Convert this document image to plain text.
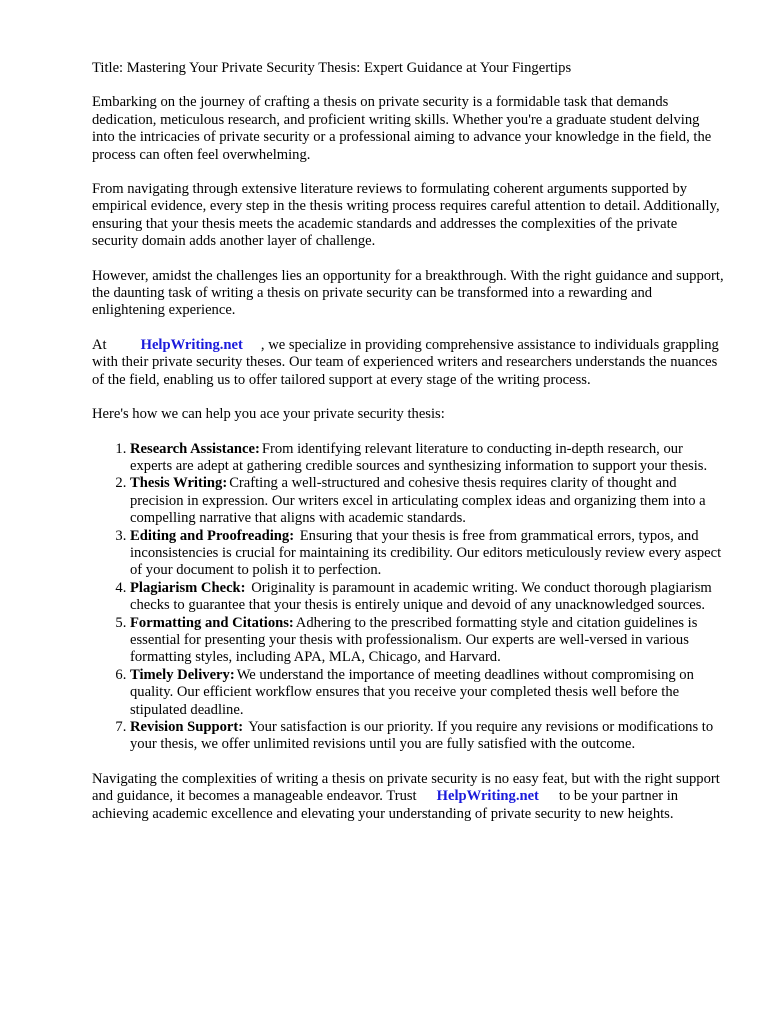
Title: Mastering Your Private Security Thesis: Expert Guidance at Your Fingertips

Embarking on the journey of crafting a thesis on private security is a formidable task that demands dedication, meticulous research, and proficient writing skills. Whether you're a graduate student delving into the intricacies of private security or a professional aiming to advance your knowledge in the field, the process can often feel overwhelming.

From navigating through extensive literature reviews to formulating coherent arguments supported by empirical evidence, every step in the thesis writing process requires careful attention to detail. Additionally, ensuring that your thesis meets the academic standards and addresses the complexities of the private security domain adds another layer of challenge.

However, amidst the challenges lies an opportunity for a breakthrough. With the right guidance and support, the daunting task of writing a thesis on private security can be transformed into a rewarding and enlightening experience.

At HelpWriting.net , we specialize in providing comprehensive assistance to individuals grappling with their private security theses. Our team of experienced writers and researchers understands the nuances of the field, enabling us to offer tailored support at every stage of the writing process.

Here's how we can help you ace your private security thesis:

1. Research Assistance: From identifying relevant literature to conducting in-depth research, our experts are adept at gathering credible sources and synthesizing information to support your thesis.
2. Thesis Writing: Crafting a well-structured and cohesive thesis requires clarity of thought and precision in expression. Our writers excel in articulating complex ideas and organizing them into a compelling narrative that aligns with academic standards.
3. Editing and Proofreading: Ensuring that your thesis is free from grammatical errors, typos, and inconsistencies is crucial for maintaining its credibility. Our editors meticulously review every aspect of your document to polish it to perfection.
4. Plagiarism Check: Originality is paramount in academic writing. We conduct thorough plagiarism checks to guarantee that your thesis is entirely unique and devoid of any unacknowledged sources.
5. Formatting and Citations: Adhering to the prescribed formatting style and citation guidelines is essential for presenting your thesis with professionalism. Our experts are well-versed in various formatting styles, including APA, MLA, Chicago, and Harvard.
6. Timely Delivery: We understand the importance of meeting deadlines without compromising on quality. Our efficient workflow ensures that you receive your completed thesis well before the stipulated deadline.
7. Revision Support: Your satisfaction is our priority. If you require any revisions or modifications to your thesis, we offer unlimited revisions until you are fully satisfied with the outcome.

Navigating the complexities of writing a thesis on private security is no easy feat, but with the right support and guidance, it becomes a manageable endeavor. Trust HelpWriting.net to be your partner in achieving academic excellence and elevating your understanding of private security to new heights.
